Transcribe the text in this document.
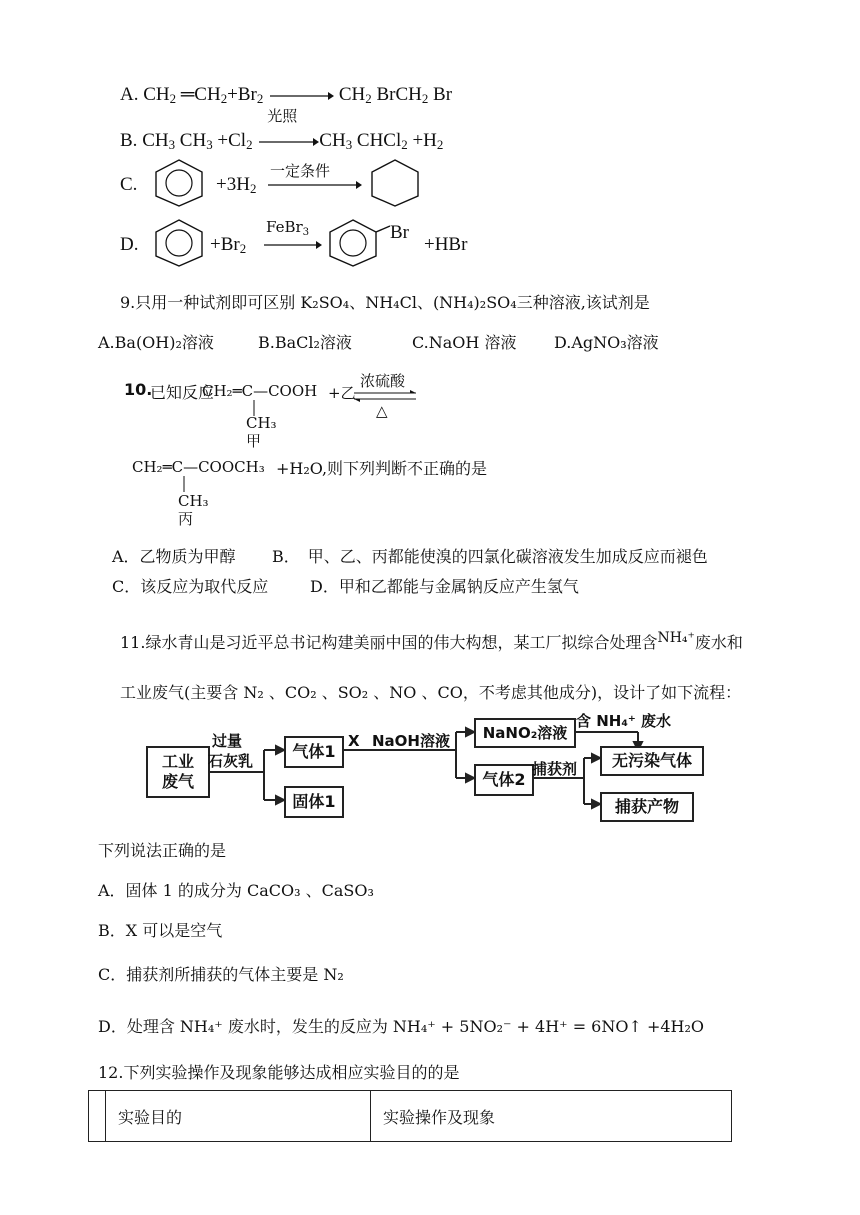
A. $CH_2$ $═CH_2+Br_2$	$CH_2$ BrCH$_2$ Br
B. $CH_3$ $CH_3 +Cl_2$
光照
$CH_3$ CHCl$_2$ $+H_2$
C.	$+3H_2$
一定条件
D.	$+Br_2$
FeBr$_3$	Br
+HBr
9.只用一种试剂即可区别 K₂SO₄、NH₄Cl、(NH₄)₂SO₄三种溶液,该试剂是
A.Ba(OH)₂溶液	B.BaCl₂溶液	C.NaOH 溶液 D.AgNO₃溶液
10.
已知反应
CH₂═C—COOH +乙
浓硫酸
△
CH₃
甲
CH₂═C—COOCH₃ +H₂O,则下列判断不正确的是
CH₃
丙
A．乙物质为甲醇 B．　甲、乙、丙都能使溴的四氯化碳溶液发生加成反应而褪色
C．该反应为取代反应	D．甲和乙都能与金属钠反应产生氢气
11.绿水青山是习近平总书记构建美丽中国的伟大构想，某工厂拟综合处理含NH₄⁺废水和
工业废气(主要含 N₂ 、CO₂ 、SO₂ 、NO 、CO，不考虑其他成分)，设计了如下流程：
工业
废气
过量
石灰乳	气体1
固体1
X NaOH溶液	NaNO₂溶液
含 NH₄⁺ 废水
无污染气体
气体2
捕获剂
捕获产物
下列说法正确的是
A．固体 1 的成分为 CaCO₃ 、CaSO₃
B．X 可以是空气
C．捕获剂所捕获的气体主要是 N₂
D．处理含 NH₄⁺ 废水时，发生的反应为 NH₄⁺ + 5NO₂⁻ + 4H⁺ = 6NO↑ +4H₂O
12.下列实验操作及现象能够达成相应实验目的的是
	实验目的	实验操作及现象
